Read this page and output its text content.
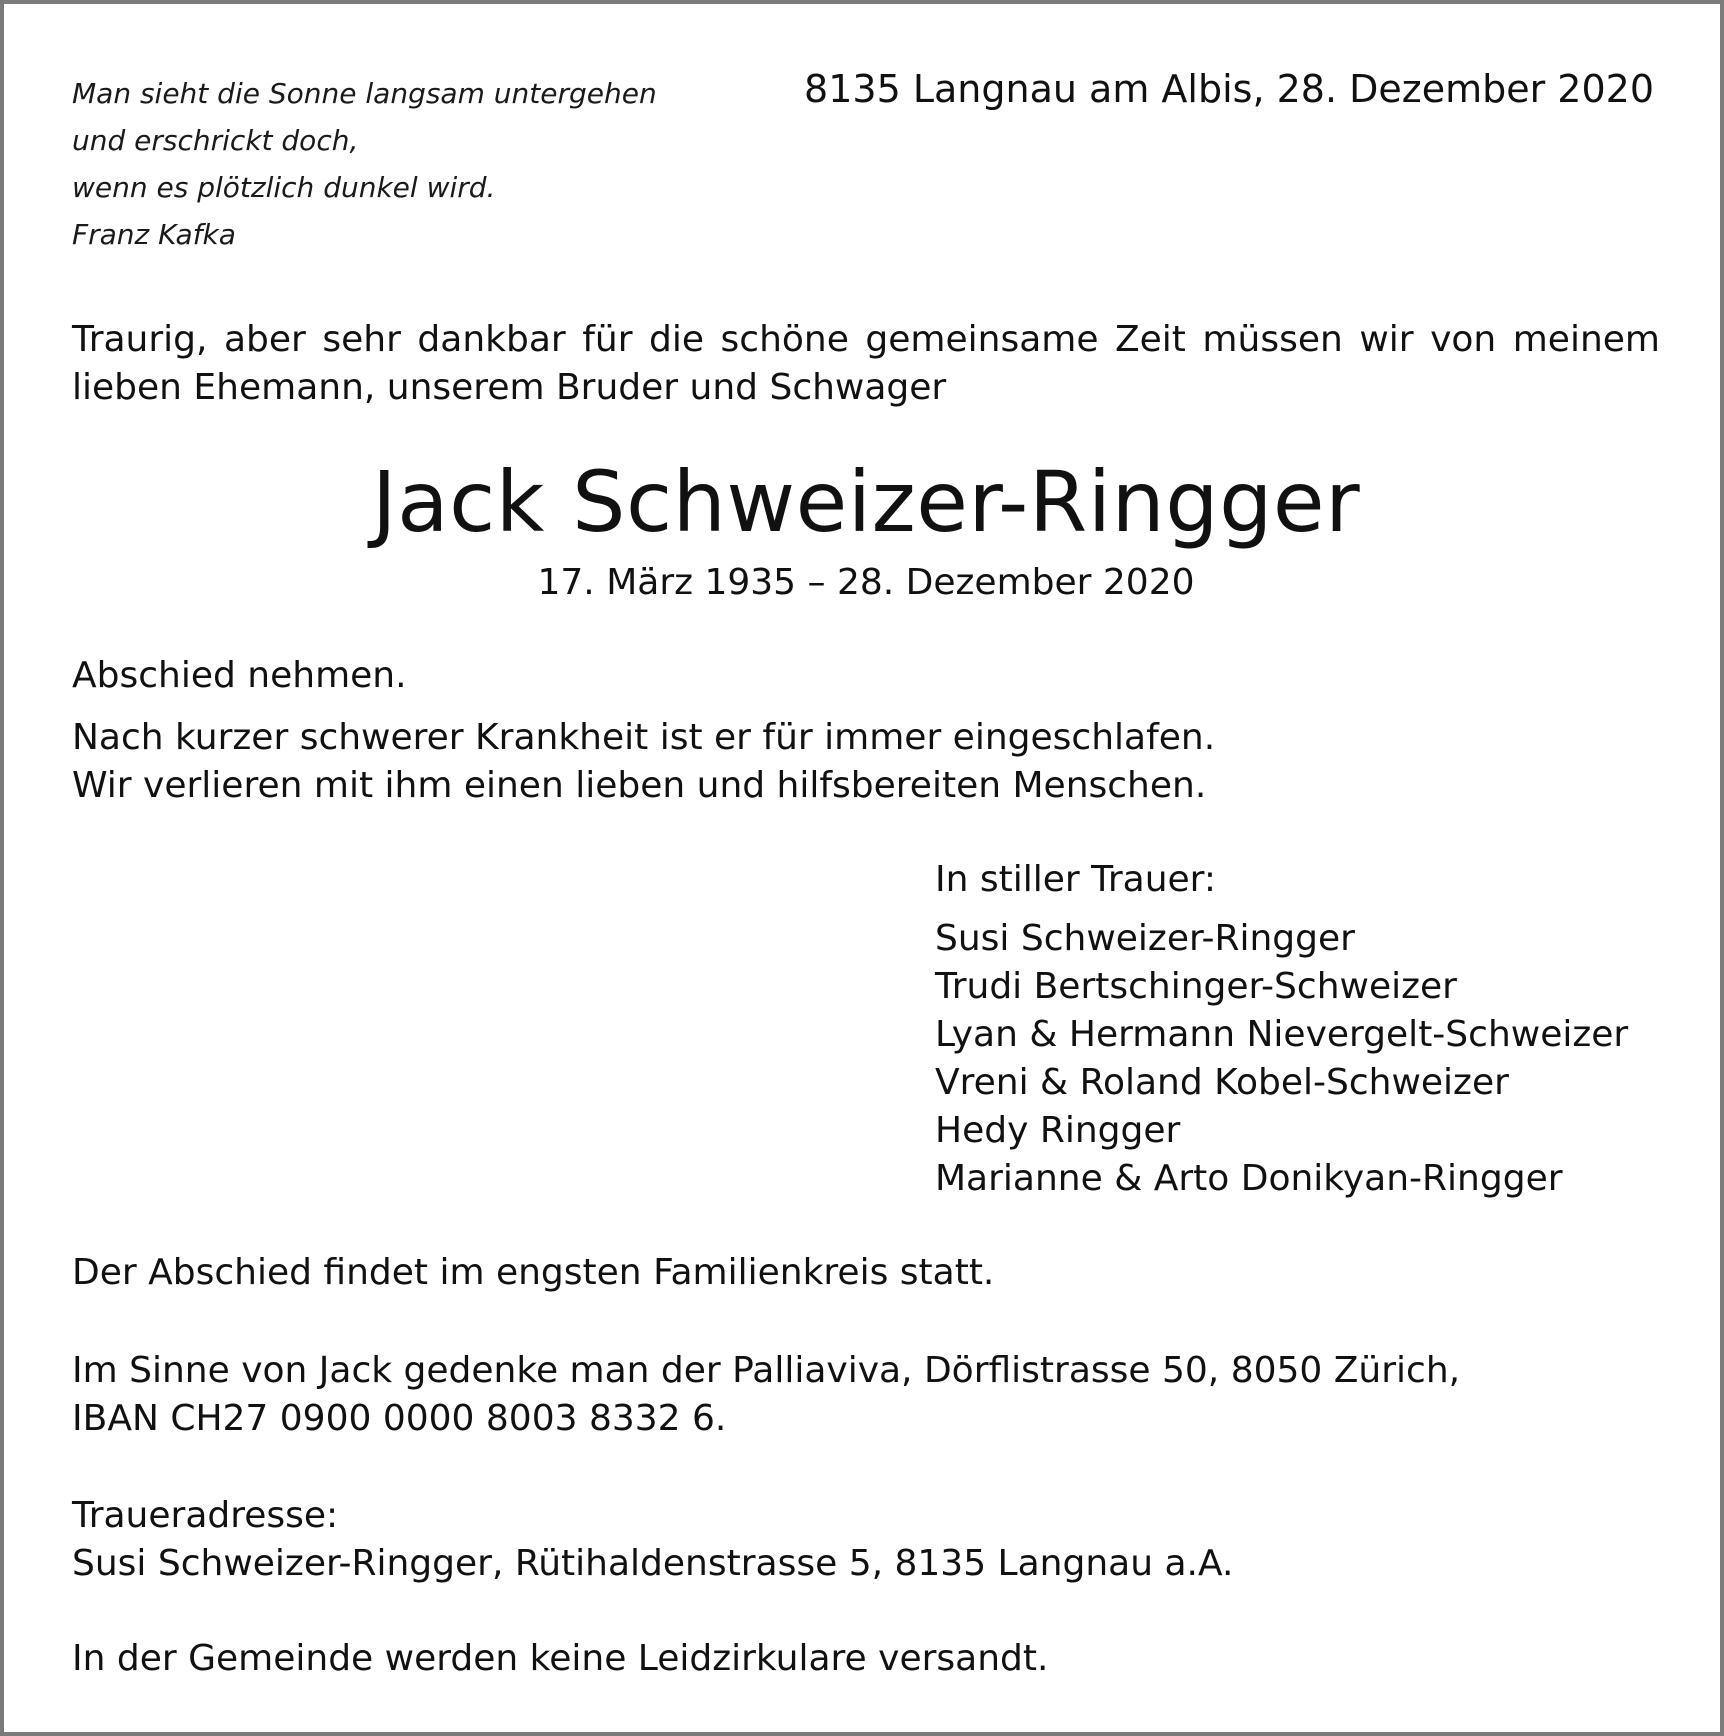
Man sieht die Sonne langsam untergehen
und erschrickt doch,
wenn es plötzlich dunkel wird.
Franz Kafka
8135 Langnau am Albis, 28. Dezember 2020
Traurig, aber sehr dankbar für die schöne gemeinsame Zeit müssen wir von meinem
lieben Ehemann, unserem Bruder und Schwager
Jack Schweizer-Ringger
17. März 1935 – 28. Dezember 2020
Abschied nehmen.
Nach kurzer schwerer Krankheit ist er für immer eingeschlafen.
Wir verlieren mit ihm einen lieben und hilfsbereiten Menschen.
In stiller Trauer:
Susi Schweizer-Ringger
Trudi Bertschinger-Schweizer
Lyan & Hermann Nievergelt-Schweizer
Vreni & Roland Kobel-Schweizer
Hedy Ringger
Marianne & Arto Donikyan-Ringger
Der Abschied findet im engsten Familienkreis statt.
Im Sinne von Jack gedenke man der Palliaviva, Dörflistrasse 50, 8050 Zürich,
IBAN CH27 0900 0000 8003 8332 6.
Traueradresse:
Susi Schweizer-Ringger, Rütihaldenstrasse 5, 8135 Langnau a.A.
In der Gemeinde werden keine Leidzirkulare versandt.
